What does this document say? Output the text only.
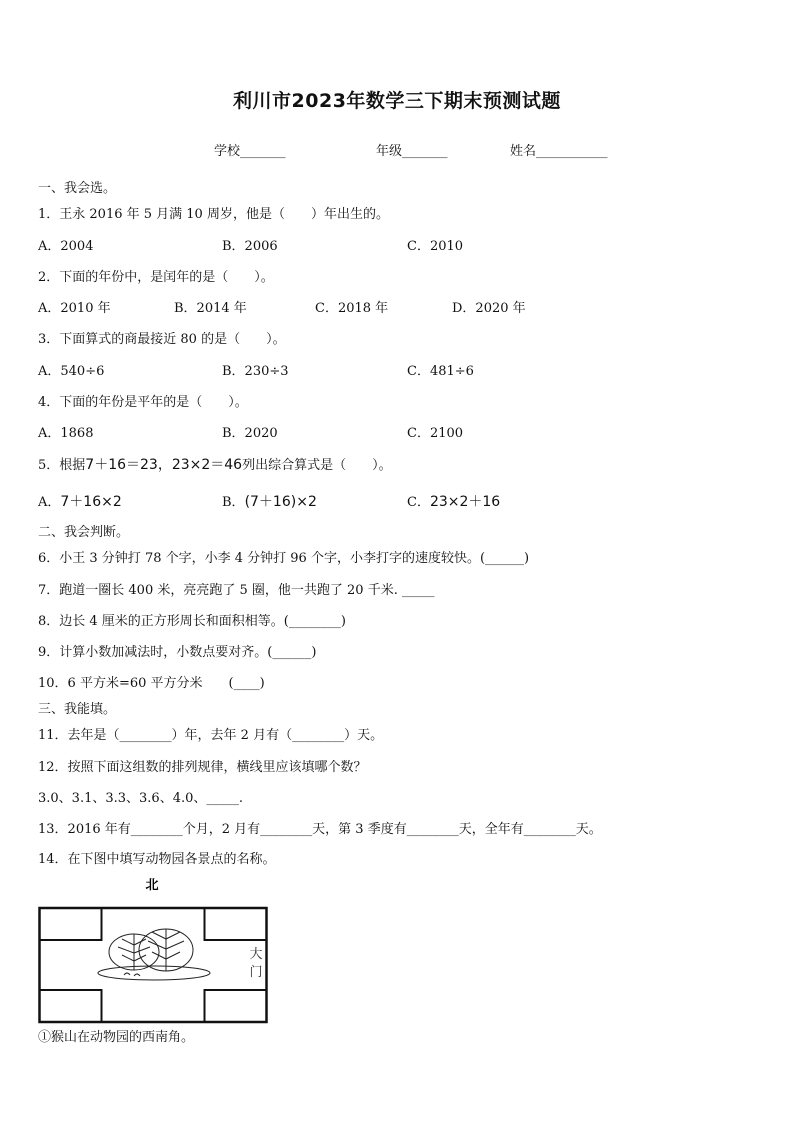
利川市2023年数学三下期末预测试题
学校_______	年级_______	姓名___________
一、我会选。
1．王永 2016 年 5 月满 10 周岁，他是（　　）年出生的。
A．2004	B．2006	C．2010
2．下面的年份中，是闰年的是（　　）。
A．2010 年	B．2014 年	C．2018 年	D．2020 年
3．下面算式的商最接近 80 的是（　　）。
A．540÷6	B．230÷3	C．481÷6
4．下面的年份是平年的是（　　）。
A．1868	B．2020	C．2100
5．根据7＋16＝23，23×2＝46列出综合算式是（　　）。
A．7＋16×2	B．(7＋16)×2	C．23×2＋16
二、我会判断。
6．小王 3 分钟打 78 个字，小李 4 分钟打 96 个字，小李打字的速度较快。(______)
7．跑道一圈长 400 米，亮亮跑了 5 圈，他一共跑了 20 千米. _____
8．边长 4 厘米的正方形周长和面积相等。(________)
9．计算小数加减法时，小数点要对齐。(______)
10．6 平方米=60 平方分米　　(____)
三、我能填。
11．去年是（________）年，去年 2 月有（________）天。
12．按照下面这组数的排列规律，横线里应该填哪个数？
3.0、3.1、3.3、3.6、4.0、_____.
13．2016 年有________个月，2 月有________天，第 3 季度有________天，全年有________天。
14．在下图中填写动物园各景点的名称。
北
大
门
①猴山在动物园的西南角。
